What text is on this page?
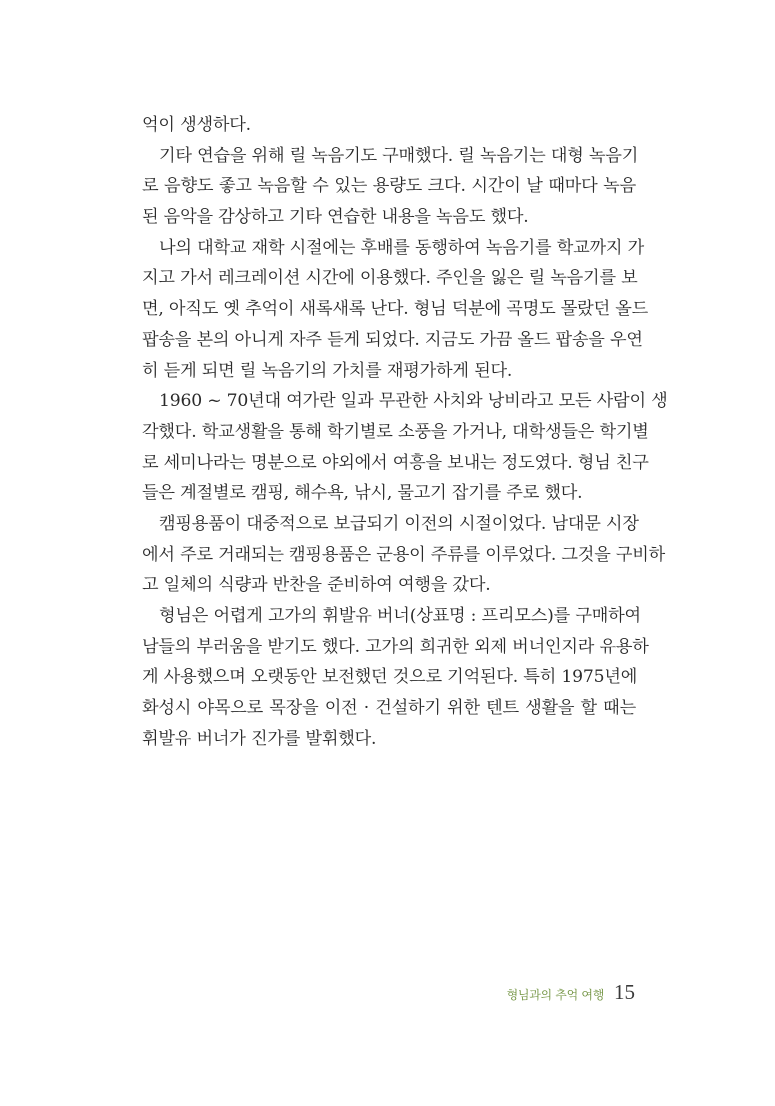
억이 생생하다.
기타 연습을 위해 릴 녹음기도 구매했다. 릴 녹음기는 대형 녹음기
로 음향도 좋고 녹음할 수 있는 용량도 크다. 시간이 날 때마다 녹음
된 음악을 감상하고 기타 연습한 내용을 녹음도 했다.
나의 대학교 재학 시절에는 후배를 동행하여 녹음기를 학교까지 가
지고 가서 레크레이션 시간에 이용했다. 주인을 잃은 릴 녹음기를 보
면, 아직도 옛 추억이 새록새록 난다. 형님 덕분에 곡명도 몰랐던 올드
팝송을 본의 아니게 자주 듣게 되었다. 지금도 가끔 올드 팝송을 우연
히 듣게 되면 릴 녹음기의 가치를 재평가하게 된다.
1960 ~ 70년대 여가란 일과 무관한 사치와 낭비라고 모든 사람이 생
각했다. 학교생활을 통해 학기별로 소풍을 가거나, 대학생들은 학기별
로 세미나라는 명분으로 야외에서 여흥을 보내는 정도였다. 형님 친구
들은 계절별로 캠핑, 해수욕, 낚시, 물고기 잡기를 주로 했다.
캠핑용품이 대중적으로 보급되기 이전의 시절이었다. 남대문 시장
에서 주로 거래되는 캠핑용품은 군용이 주류를 이루었다. 그것을 구비하
고 일체의 식량과 반찬을 준비하여 여행을 갔다.
형님은 어렵게 고가의 휘발유 버너(상표명 : 프리모스)를 구매하여
남들의 부러움을 받기도 했다. 고가의 희귀한 외제 버너인지라 유용하
게 사용했으며 오랫동안 보전했던 것으로 기억된다. 특히 1975년에
화성시 야목으로 목장을 이전 · 건설하기 위한 텐트 생활을 할 때는
휘발유 버너가 진가를 발휘했다.
형님과의 추억 여행 15
